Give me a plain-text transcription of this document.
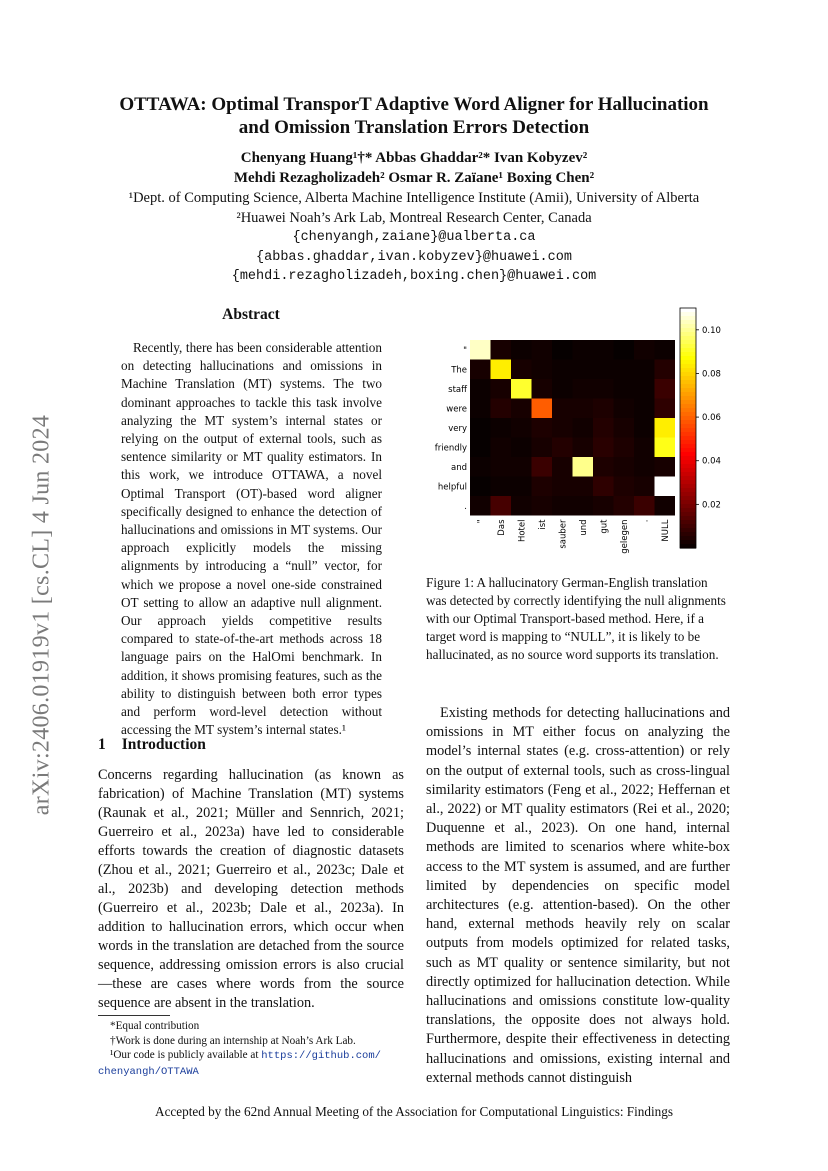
arXiv:2406.01919v1 [cs.CL] 4 Jun 2024
OTTAWA: Optimal TransporT Adaptive Word Aligner for Hallucination
and Omission Translation Errors Detection
Chenyang Huang¹†* Abbas Ghaddar²* Ivan Kobyzev²
Mehdi Rezagholizadeh² Osmar R. Zaïane¹ Boxing Chen²
¹Dept. of Computing Science, Alberta Machine Intelligence Institute (Amii), University of Alberta
²Huawei Noah’s Ark Lab, Montreal Research Center, Canada
{chenyangh,zaiane}@ualberta.ca
{abbas.ghaddar,ivan.kobyzev}@huawei.com
{mehdi.rezagholizadeh,boxing.chen}@huawei.com
Abstract

Recently, there has been considerable attention on detecting hallucinations and omissions in Machine Translation (MT) systems. The two dominant approaches to tackle this task involve analyzing the MT system’s internal states or relying on the output of external tools, such as sentence similarity or MT quality estimators. In this work, we introduce OTTAWA, a novel Optimal Transport (OT)-based word aligner specifically designed to enhance the detection of hallucinations and omissions in MT systems. Our approach explicitly models the missing alignments by introducing a “null” vector, for which we propose a novel one-side constrained OT setting to allow an adaptive null alignment. Our approach yields competitive results compared to state-of-the-art methods across 18 language pairs on the HalOmi benchmark. In addition, it shows promising features, such as the ability to distinguish between both error types and perform word-level detection without accessing the MT system’s internal states.¹

1 Introduction

Concerns regarding hallucination (as known as fabrication) of Machine Translation (MT) systems (Raunak et al., 2021; Müller and Sennrich, 2021; Guerreiro et al., 2023a) have led to considerable efforts towards the creation of diagnostic datasets (Zhou et al., 2021; Guerreiro et al., 2023c; Dale et al., 2023b) and developing detection methods (Guerreiro et al., 2023b; Dale et al., 2023a). In addition to hallucination errors, which occur when words in the translation are detached from the source sequence, addressing omission errors is also crucial—these are cases where words from the source sequence are absent in the translation.

*Equal contribution
†Work is done during an internship at Noah’s Ark Lab.
¹Our code is publicly available at https://github.com/
chenyangh/OTTAWA
"
The
staff
were
very
friendly
and
helpful
.
" Das Hotel ist sauber und gut gelegen . NULL
0.10
0.08
0.06
0.04
0.02
Figure 1: A hallucinatory German-English translation was detected by correctly identifying the null alignments with our Optimal Transport-based method. Here, if a target word is mapping to “NULL”, it is likely to be hallucinated, as no source word supports its translation.

Existing methods for detecting hallucinations and omissions in MT either focus on analyzing the model’s internal states (e.g. cross-attention) or rely on the output of external tools, such as cross-lingual similarity estimators (Feng et al., 2022; Heffernan et al., 2022) or MT quality estimators (Rei et al., 2020; Duquenne et al., 2023). On one hand, internal methods are limited to scenarios where white-box access to the MT system is assumed, and are further limited by dependencies on specific model architectures (e.g. attention-based). On the other hand, external methods heavily rely on scalar outputs from models optimized for related tasks, such as MT quality or sentence similarity, but not directly optimized for hallucination detection. While hallucinations and omissions constitute low-quality translations, the opposite does not always hold. Furthermore, despite their effectiveness in detecting hallucinations and omissions, existing internal and external methods cannot distinguish

Accepted by the 62nd Annual Meeting of the Association for Computational Linguistics: Findings
